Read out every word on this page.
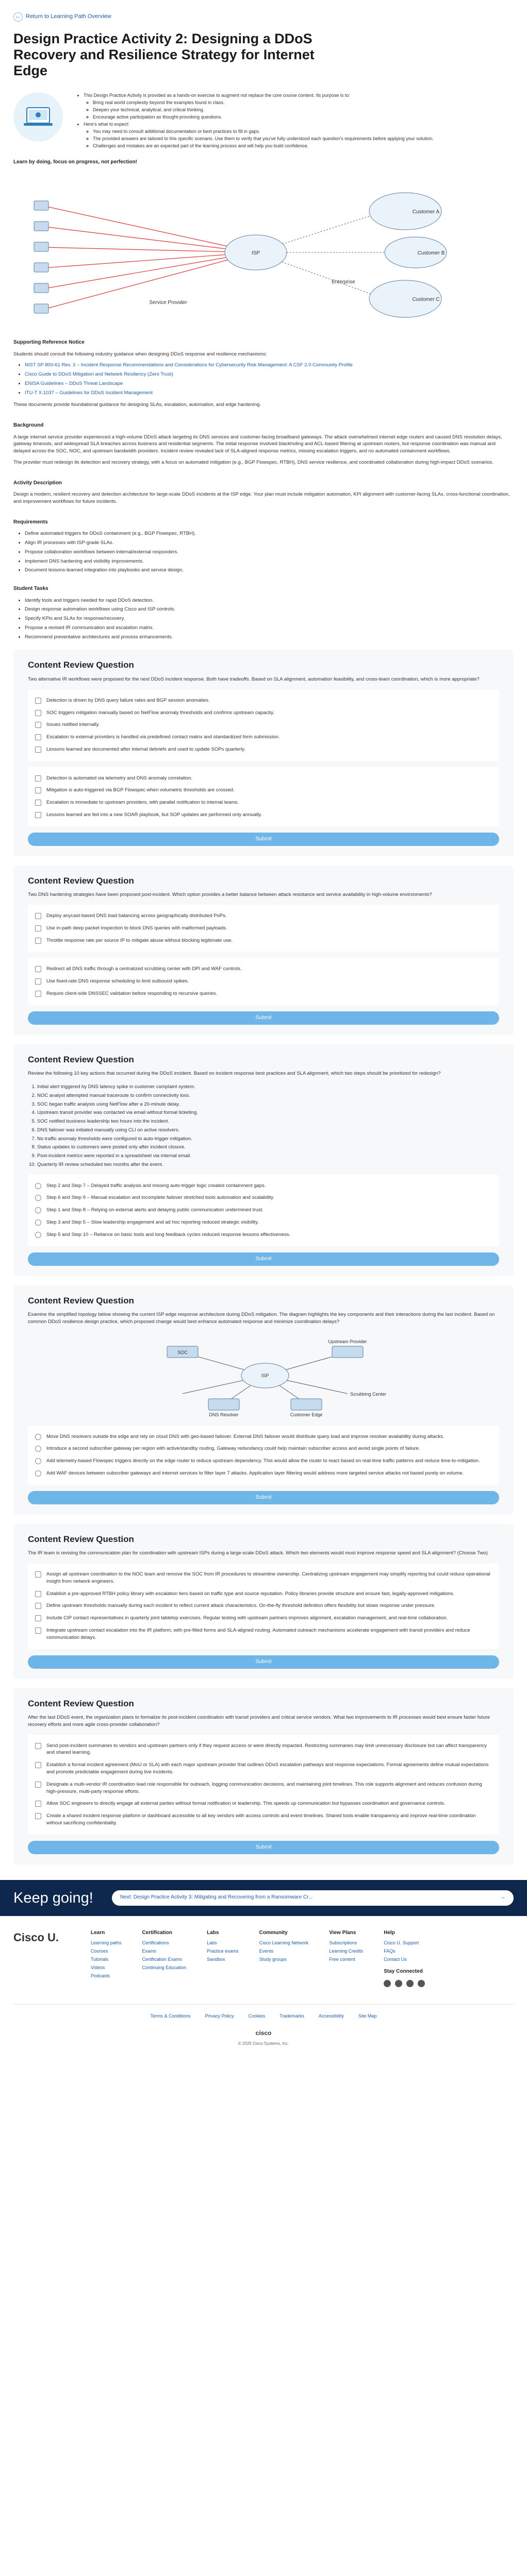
← Return to Learning Path Overview
Design Practice Activity 2: Designing a DDoS Recovery and Resilience Strategy for Internet Edge
• This Design Practice Activity is provided as a hands-on exercise to augment not replace the core course content. Its purpose is to:
◦ Bring real world complexity beyond the examples found in class.
◦ Deepen your technical, analytical, and critical thinking.
◦ Encourage active participation as thought-provoking questions.
• Here's what to expect:
◦ You may need to consult additional documentation or best practices to fill in gaps.
◦ The provided answers are tailored to this specific scenario. Use them to verify that you've fully understood each question's requirements before applying your solution.
◦ Challenges and mistakes are an expected part of the learning process and will help you build confidence.
Learn by doing, focus on progress, not perfection!
Customer A
Customer B
Customer C
Enterprise
Service Provider
ISP
Supporting Reference Notice

Students should consult the following industry guidance when designing DDoS response and resilience mechanisms:

• NIST SP 800-61 Rev. 3 – Incident Response Recommendations and Considerations for Cybersecurity Risk Management: A CSF 2.0 Community Profile
• Cisco Guide to DDoS Mitigation and Network Resiliency (Zero Trust)
• ENISA Guidelines – DDoS Threat Landscape
• ITU-T X.1037 – Guidelines for DDoS Incident Management

These documents provide foundational guidance for designing SLAs, escalation, automation, and edge hardening.

Background

A large internet service provider experienced a high-volume DDoS attack targeting its DNS services and customer-facing broadband gateways. The attack overwhelmed internet edge routers and caused DNS resolution delays, gateway timeouts, and widespread SLA breaches across business and residential segments. The initial response involved blackholing and ACL-based filtering at upstream routers, but response coordination was manual and delayed across the SOC, NOC, and upstream bandwidth providers. Incident review revealed lack of SLA-aligned response metrics, missing escalation triggers, and no automated containment workflows.

The provider must redesign its detection and recovery strategy, with a focus on automated mitigation (e.g., BGP Flowspec, RTBH), DNS service resilience, and coordinated collaboration during high-impact DDoS scenarios.

Activity Description

Design a modern, resilient recovery and detection architecture for large-scale DDoS incidents at the ISP edge. Your plan must include mitigation automation, KPI alignment with customer-facing SLAs, cross-functional coordination, and improvement workflows for future incidents.

Requirements
• Define automated triggers for DDoS containment (e.g., BGP Flowspec, RTBH).
• Align IR processes with ISP-grade SLAs.
• Propose collaboration workflows between internal/external responders.
• Implement DNS hardening and visibility improvements.
• Document lessons-learned integration into playbooks and service design.
Student Tasks
• Identify tools and triggers needed for rapid DDoS detection.
• Design response automation workflows using Cisco and ISP controls.
• Specify KPIs and SLAs for response/recovery.
• Propose a revised IR communication and escalation matrix.
• Recommend preventative architectures and process enhancements.
Content Review Question
Two alternative IR workflows were proposed for the next DDoS incident response. Both have tradeoffs. Based on SLA alignment, automation feasibility, and cross-team coordination, which is more appropriate?
Detection is driven by DNS query failure rates and BGP session anomalies.
SOC triggers mitigation manually based on NetFlow anomaly thresholds and confirms upstream capacity.
Issues notified internally.
Escalation to external providers is handled via predefined contact matrix and standardized form submission.
Lessons learned are documented after internal debriefs and used to update SOPs quarterly.
Detection is automated via telemetry and DNS anomaly correlation.
Mitigation is auto-triggered via BGP Flowspec when volumetric thresholds are crossed.
Escalation is immediate to upstream providers, with parallel notification to internal teams.
Lessons learned are fed into a new SOAR playbook, but SOP updates are performed only annually.
Submit
Content Review Question
Two DNS hardening strategies have been proposed post-incident. Which option provides a better balance between attack resistance and service availability in high-volume environments?
Deploy anycast-based DNS load balancing across geographically distributed PoPs.
Use in-path deep packet inspection to block DNS queries with malformed payloads.
Throttle response rate per source IP to mitigate abuse without blocking legitimate use.
Redirect all DNS traffic through a centralized scrubbing center with DPI and WAF controls.
Use fixed-rate DNS response scheduling to limit outbound spikes.
Require client-side DNSSEC validation before responding to recursive queries.
Submit
Content Review Question
Review the following 10 key actions that occurred during the DDoS incident. Based on incident response best practices and SLA alignment, which two steps should be prioritized for redesign?
1. Initial alert triggered by DNS latency spike in customer complaint system.
2. NOC analyst attempted manual traceroute to confirm connectivity loss.
3. SOC began traffic analysis using NetFlow after a 20-minute delay.
4. Upstream transit provider was contacted via email without formal ticketing.
5. SOC notified business leadership two hours into the incident.
6. DNS failover was initiated manually using CLI on active resolvers.
7. No traffic anomaly thresholds were configured to auto-trigger mitigation.
8. Status updates to customers were posted only after incident closure.
9. Post-incident metrics were reported in a spreadsheet via internal email.
10. Quarterly IR review scheduled two months after the event.
Step 2 and Step 7 – Delayed traffic analysis and missing auto-trigger logic created containment gaps.
Step 6 and Step 9 – Manual escalation and incomplete failover stretched tools automation and scalability.
Step 1 and Step 8 – Relying on external alerts and delaying public communication undermined trust.
Step 3 and Step 5 – Slow leadership engagement and ad hoc reporting reduced strategic visibility.
Step 5 and Step 10 – Reliance on basic tools and long feedback cycles reduced response lessons effectiveness.
Submit
Content Review Question
Examine the simplified topology below showing the current ISP edge response architecture during DDoS mitigation. The diagram highlights the key components and their interactions during the last incident. Based on common DDoS resilience design practice, which proposed change would best enhance automated response and minimize coordination delays?
ISP
SOC
DNS Resolver
Upstream Provider
Customer Edge
Scrubbing Center
Move DNS resolvers outside the edge and rely on cloud DNS with geo-based failover. External DNS failover would distribute query load and improve resolver availability during attacks.
Introduce a second subscriber gateway per region with active/standby routing. Gateway redundancy could help maintain subscriber access and avoid single points of failure.
Add telemetry-based Flowspec triggers directly on the edge router to reduce upstream dependency. This would allow the router to react based on real-time traffic patterns and reduce time-to-mitigation.
Add WAF devices between subscriber gateways and internet services to filter layer 7 attacks. Application layer filtering would address more targeted service attacks not based purely on volume.
Submit
Content Review Question
The IR team is revising the communication plan for coordination with upstream ISPs during a large-scale DDoS attack. Which two elements would most improve response speed and SLA alignment? (Choose Two)
Assign all upstream coordination to the NOC team and remove the SOC from IR procedures to streamline ownership. Centralizing upstream engagement may simplify reporting but could reduce operational insight from network engineers.
Establish a pre-approved RTBH policy library with escalation tiers based on traffic type and source reputation. Policy libraries provide structure and ensure fast, legally-approved mitigations.
Define upstream thresholds manually during each incident to reflect current attack characteristics. On-the-fly threshold definition offers flexibility but slows response under pressure.
Include CIP contact representatives in quarterly joint tabletop exercises. Regular testing with upstream partners improves alignment, escalation management, and real-time collaboration.
Integrate upstream contact escalation into the IR platform, with pre-filled forms and SLA-aligned routing. Automated outreach mechanisms accelerate engagement with transit providers and reduce communication delays.
Submit
Content Review Question
After the last DDoS event, the organization plans to formalize its post-incident coordination with transit providers and critical service vendors. What two improvements to IR processes would best ensure faster future recovery efforts and more agile cross-provider collaboration?
Send post-incident summaries to vendors and upstream partners only if they request access or were directly impacted. Restricting summaries may limit unnecessary disclosure but can affect transparency and shared learning.
Establish a formal incident agreement (MoU or SLA) with each major upstream provider that outlines DDoS escalation pathways and response expectations. Formal agreements define mutual expectations and promote predictable engagement during live incidents.
Designate a multi-vendor IR coordination lead role responsible for outreach, logging communication decisions, and maintaining joint timelines. This role supports alignment and reduces confusion during high-pressure, multi-party response efforts.
Allow SOC engineers to directly engage all external parties without formal notification or leadership. This speeds up communication but bypasses coordination and governance controls.
Create a shared incident response platform or dashboard accessible to all key vendors with access controls and event timelines. Shared tools enable transparency and improve real-time coordination without sacrificing confidentiality.
Submit
Keep going!	Next: Design Practice Activity 3: Mitigating and Recovering from a Ransomware Cr...	→
Cisco U.	Learn
Learning paths
Courses
Tutorials
Videos
Podcasts
Certification
Certifications
Exams
Certification Exams
Continuing Education
Labs
Labs
Practice exams
Sandbox
Community
Cisco Learning Network
Events
Study groups
View Plans
Subscriptions
Learning Credits
Free content
Help
Cisco U. Support
FAQs
Contact Us
Stay Connected
Terms & Conditions	Privacy Policy	Cookies	Trademarks	Accessibility	Site Map
cisco
© 2025 Cisco Systems, Inc.
